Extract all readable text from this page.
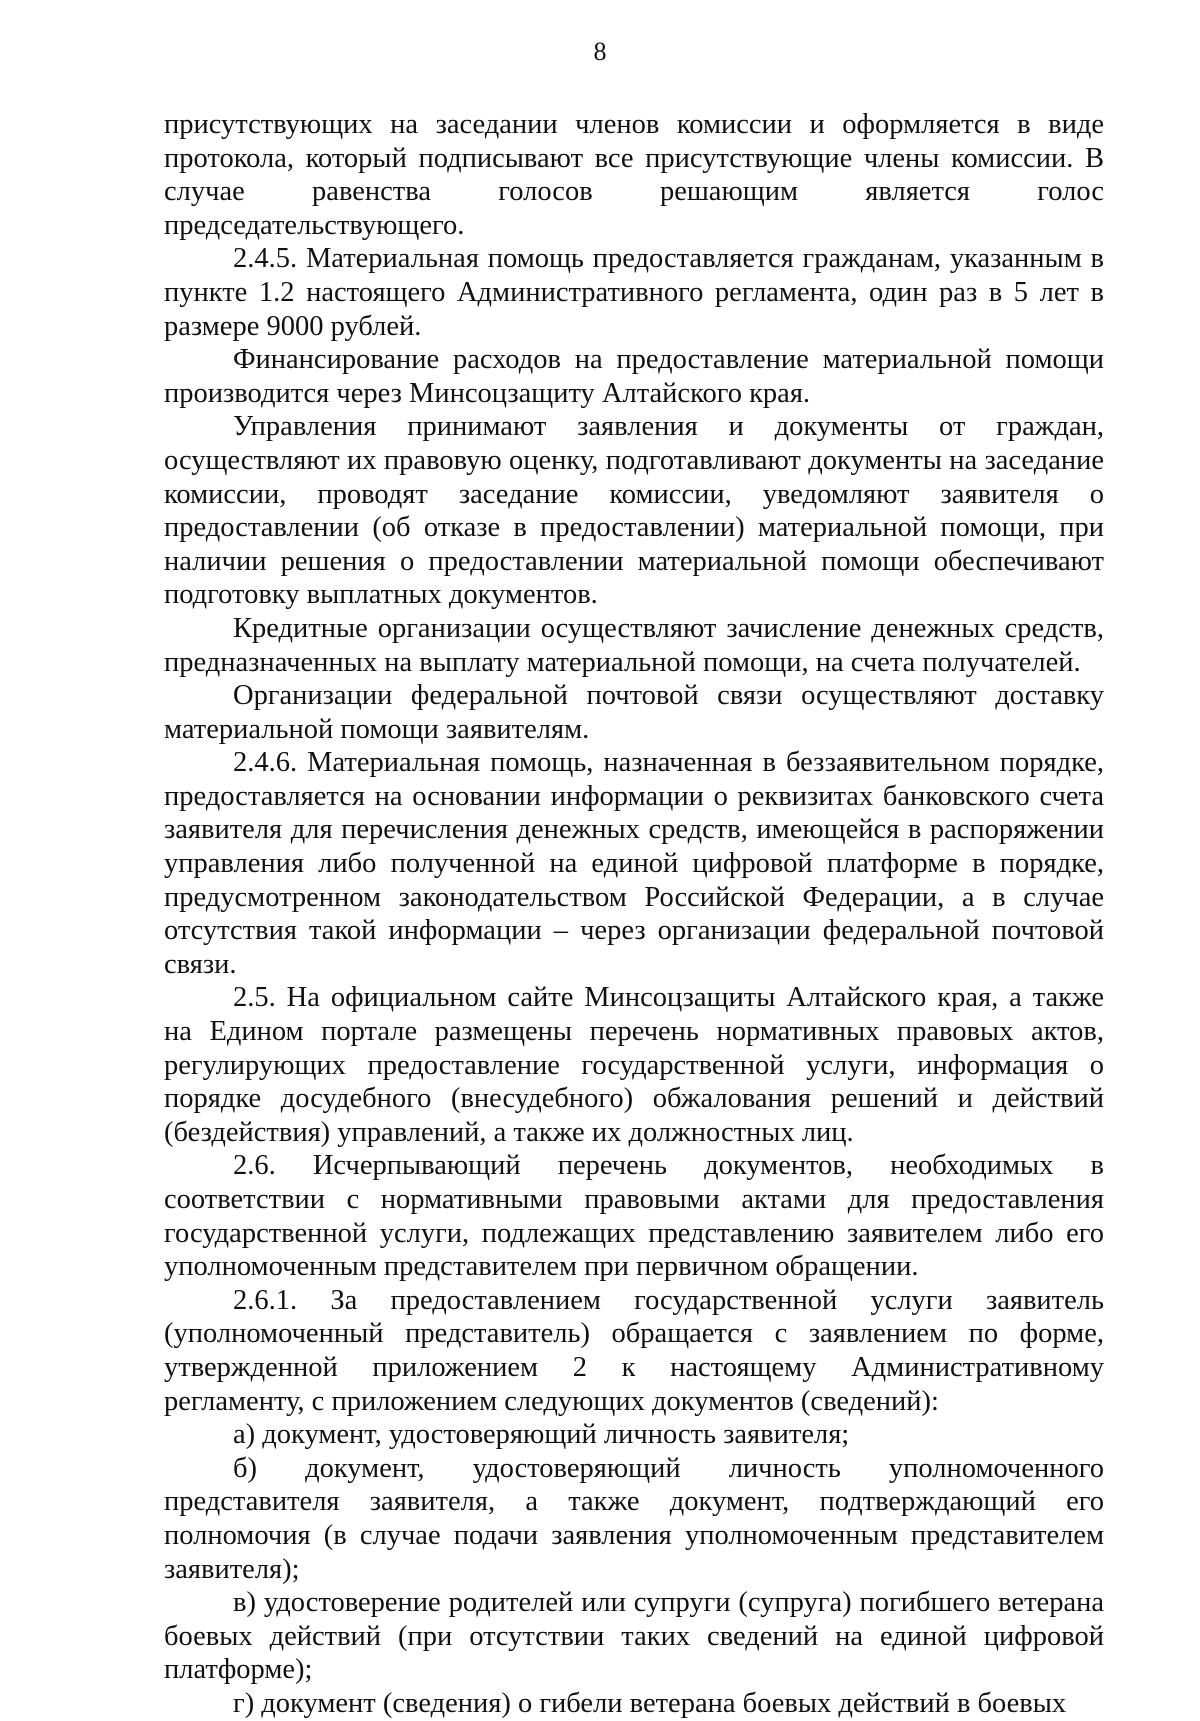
8

присутствующих на заседании членов комиссии и оформляется в виде протокола, который подписывают все присутствующие члены комиссии. В случае равенства голосов решающим является голос председательствующего.

2.4.5. Материальная помощь предоставляется гражданам, указанным в пункте 1.2 настоящего Административного регламента, один раз в 5 лет в размере 9000 рублей.

Финансирование расходов на предоставление материальной помощи производится через Минсоцзащиту Алтайского края.

Управления принимают заявления и документы от граждан, осуществляют их правовую оценку, подготавливают документы на заседание комиссии, проводят заседание комиссии, уведомляют заявителя о предоставлении (об отказе в предоставлении) материальной помощи, при наличии решения о предоставлении материальной помощи обеспечивают подготовку выплатных документов.

Кредитные организации осуществляют зачисление денежных средств, предназначенных на выплату материальной помощи, на счета получателей.

Организации федеральной почтовой связи осуществляют доставку материальной помощи заявителям.

2.4.6. Материальная помощь, назначенная в беззаявительном порядке, предоставляется на основании информации о реквизитах банковского счета заявителя для перечисления денежных средств, имеющейся в распоряжении управления либо полученной на единой цифровой платформе в порядке, предусмотренном законодательством Российской Федерации, а в случае отсутствия такой информации – через организации федеральной почтовой связи.

2.5. На официальном сайте Минсоцзащиты Алтайского края, а также на Едином портале размещены перечень нормативных правовых актов, регулирующих предоставление государственной услуги, информация о порядке досудебного (внесудебного) обжалования решений и действий (бездействия) управлений, а также их должностных лиц.

2.6. Исчерпывающий перечень документов, необходимых в соответствии с нормативными правовыми актами для предоставления государственной услуги, подлежащих представлению заявителем либо его уполномоченным представителем при первичном обращении.

2.6.1. За предоставлением государственной услуги заявитель (уполномоченный представитель) обращается с заявлением по форме, утвержденной приложением 2 к настоящему Административному регламенту, с приложением следующих документов (сведений):

а) документ, удостоверяющий личность заявителя;

б) документ, удостоверяющий личность уполномоченного представителя заявителя, а также документ, подтверждающий его полномочия (в случае подачи заявления уполномоченным представителем заявителя);

в) удостоверение родителей или супруги (супруга) погибшего ветерана боевых действий (при отсутствии таких сведений на единой цифровой платформе);

г) документ (сведения) о гибели ветерана боевых действий в боевых
